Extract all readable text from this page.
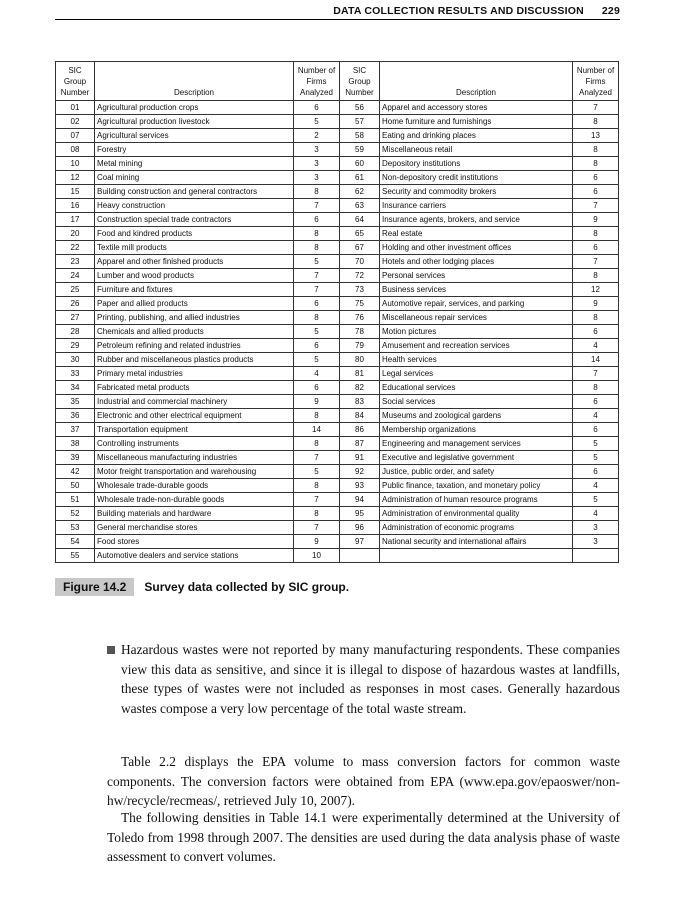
DATA COLLECTION RESULTS AND DISCUSSION 229
SIC Group Number	Description	Number of Firms Analyzed	SIC Group Number	Description	Number of Firms Analyzed
01	Agricultural production crops	6	56	Apparel and accessory stores	7
02	Agricultural production livestock	5	57	Home furniture and furnishings	8
07	Agricultural services	2	58	Eating and drinking places	13
08	Forestry	3	59	Miscellaneous retail	8
10	Metal mining	3	60	Depository institutions	8
12	Coal mining	3	61	Non-depository credit institutions	6
15	Building construction and general contractors	8	62	Security and commodity brokers	6
16	Heavy construction	7	63	Insurance carriers	7
17	Construction special trade contractors	6	64	Insurance agents, brokers, and service	9
20	Food and kindred products	8	65	Real estate	8
22	Textile mill products	8	67	Holding and other investment offices	6
23	Apparel and other finished products	5	70	Hotels and other lodging places	7
24	Lumber and wood products	7	72	Personal services	8
25	Furniture and fixtures	7	73	Business services	12
26	Paper and allied products	6	75	Automotive repair, services, and parking	9
27	Printing, publishing, and allied industries	8	76	Miscellaneous repair services	8
28	Chemicals and allied products	5	78	Motion pictures	6
29	Petroleum refining and related industries	6	79	Amusement and recreation services	4
30	Rubber and miscellaneous plastics products	5	80	Health services	14
33	Primary metal industries	4	81	Legal services	7
34	Fabricated metal products	6	82	Educational services	8
35	Industrial and commercial machinery	9	83	Social services	6
36	Electronic and other electrical equipment	8	84	Museums and zoological gardens	4
37	Transportation equipment	14	86	Membership organizations	6
38	Controlling instruments	8	87	Engineering and management services	5
39	Miscellaneous manufacturing industries	7	91	Executive and legislative government	5
42	Motor freight transportation and warehousing	5	92	Justice, public order, and safety	6
50	Wholesale trade-durable goods	8	93	Public finance, taxation, and monetary policy	4
51	Wholesale trade-non-durable goods	7	94	Administration of human resource programs	5
52	Building materials and hardware	8	95	Administration of environmental quality	4
53	General merchandise stores	7	96	Administration of economic programs	3
54	Food stores	9	97	National security and international affairs	3
55	Automotive dealers and service stations	10			
Figure 14.2 Survey data collected by SIC group.
Hazardous wastes were not reported by many manufacturing respondents. These companies view this data as sensitive, and since it is illegal to dispose of hazardous wastes at landfills, these types of wastes were not included as responses in most cases. Generally hazardous wastes compose a very low percentage of the total waste stream.
Table 2.2 displays the EPA volume to mass conversion factors for common waste components. The conversion factors were obtained from EPA (www.epa.gov/epaoswer/non-hw/recycle/recmeas/, retrieved July 10, 2007).
The following densities in Table 14.1 were experimentally determined at the University of Toledo from 1998 through 2007. The densities are used during the data analysis phase of waste assessment to convert volumes.
